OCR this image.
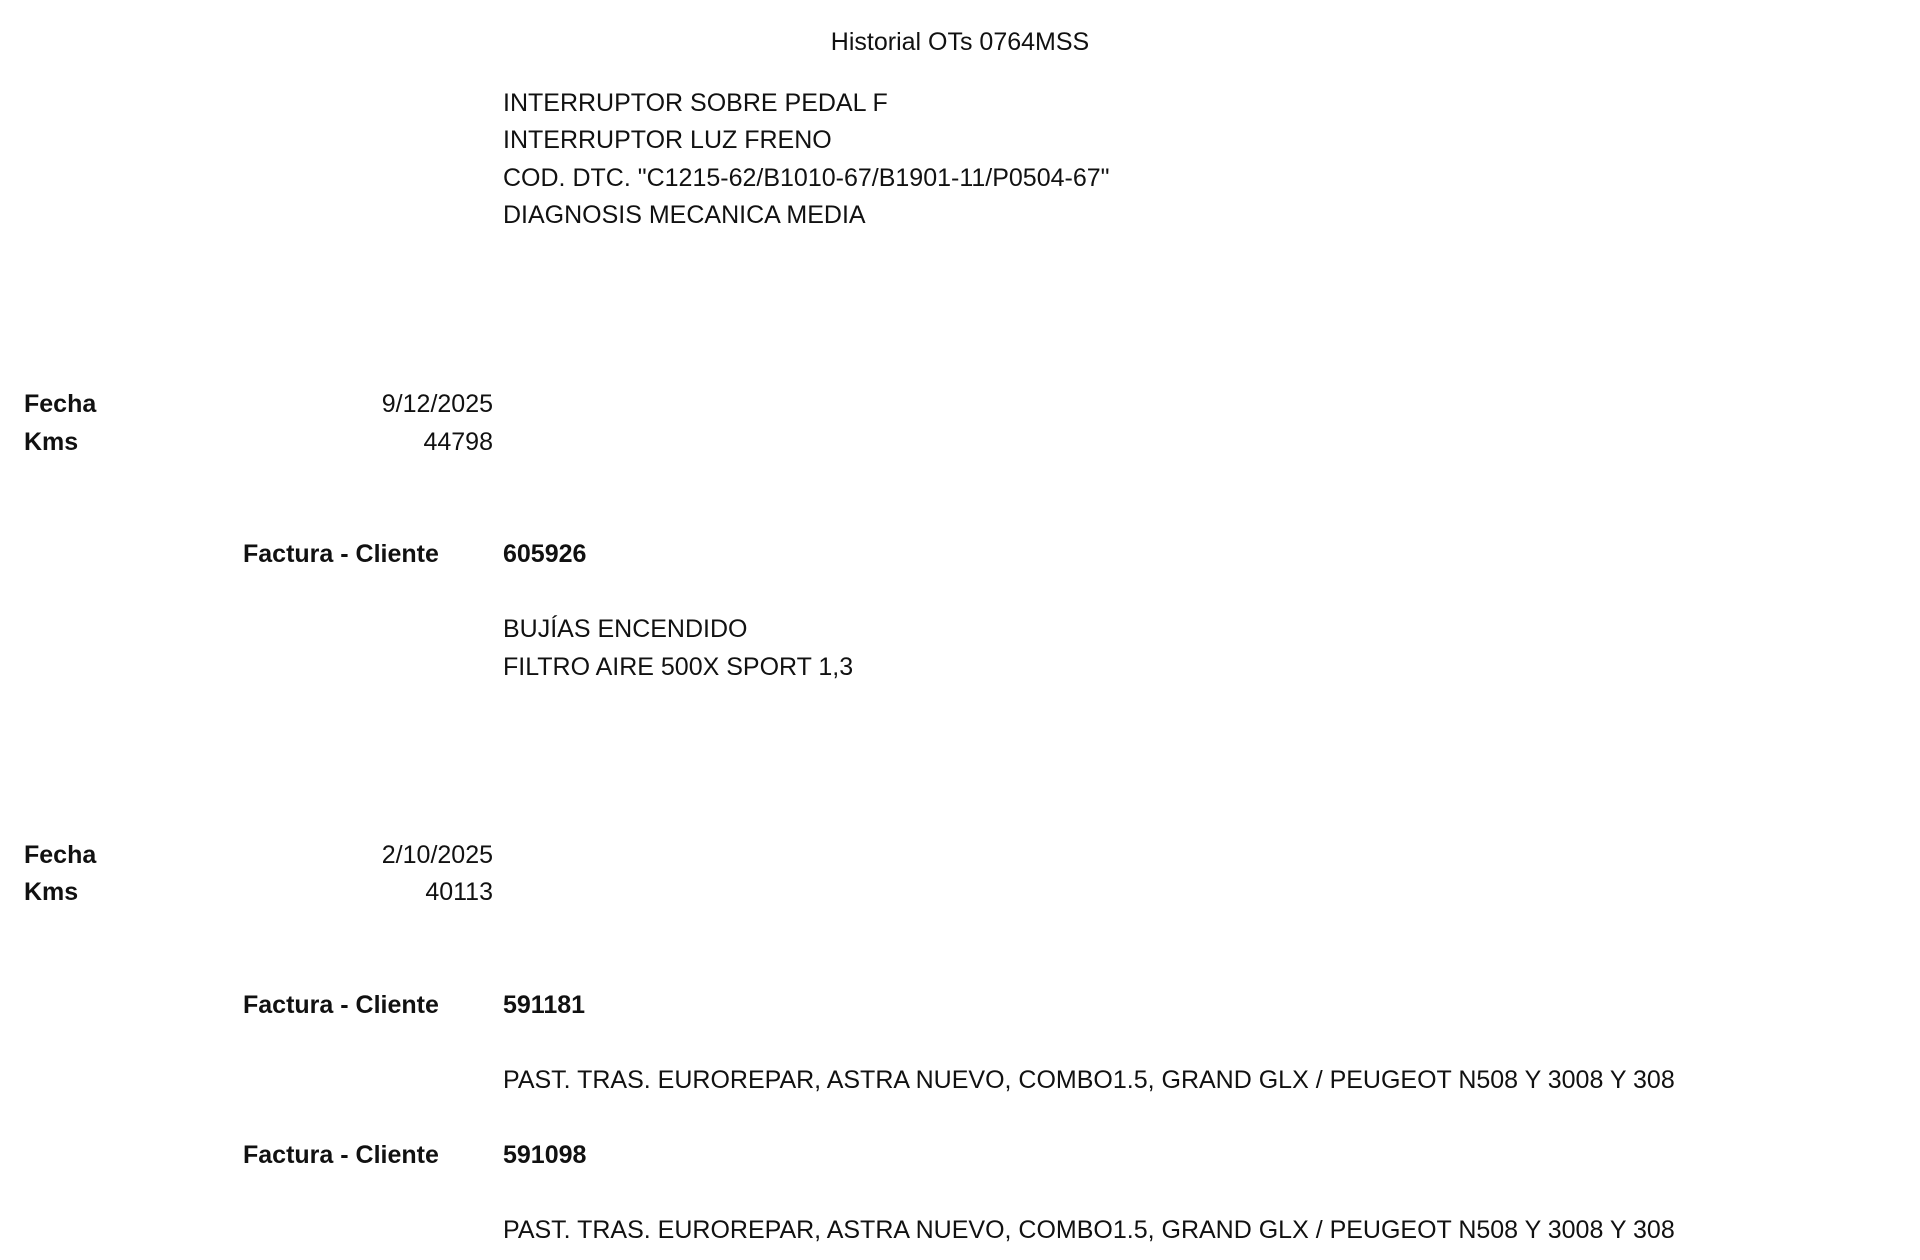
Historial OTs 0764MSS
INTERRUPTOR SOBRE PEDAL F
INTERRUPTOR LUZ FRENO
COD. DTC. "C1215-62/B1010-67/B1901-11/P0504-67"
DIAGNOSIS MECANICA MEDIA
Fecha	9/12/2025
Kms	44798
Factura - Cliente	605926
BUJÍAS ENCENDIDO
FILTRO AIRE 500X SPORT 1,3
Fecha	2/10/2025
Kms	40113
Factura - Cliente	591181
PAST. TRAS. EUROREPAR, ASTRA NUEVO, COMBO1.5, GRAND GLX / PEUGEOT N508 Y 3008 Y 308
Factura - Cliente	591098
PAST. TRAS. EUROREPAR, ASTRA NUEVO, COMBO1.5, GRAND GLX / PEUGEOT N508 Y 3008 Y 308
